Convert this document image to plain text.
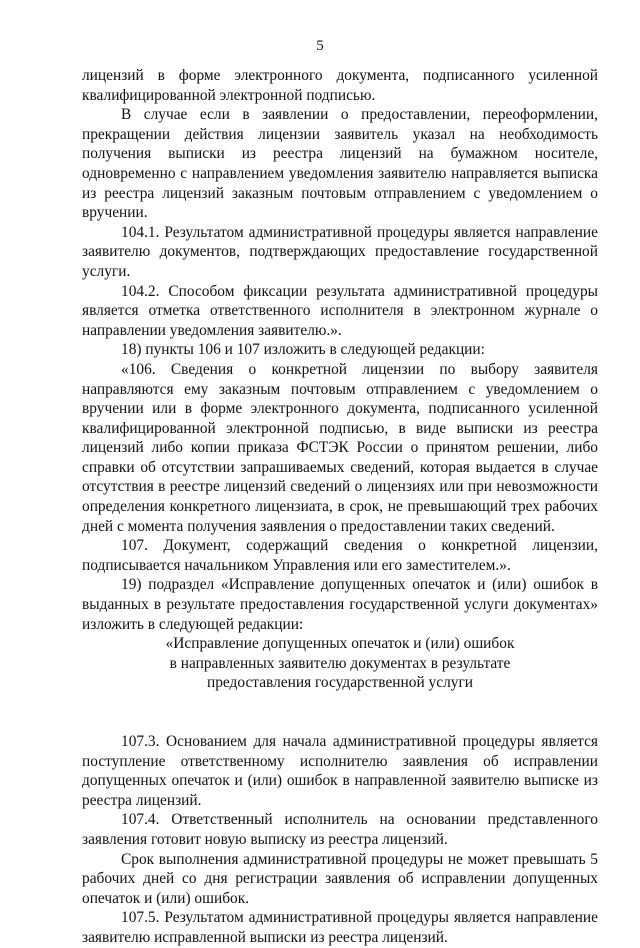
5

лицензий в форме электронного документа, подписанного усиленной квалифицированной электронной подписью.

В случае если в заявлении о предоставлении, переоформлении, прекращении действия лицензии заявитель указал на необходимость получения выписки из реестра лицензий на бумажном носителе, одновременно с направлением уведомления заявителю направляется выписка из реестра лицензий заказным почтовым отправлением с уведомлением о вручении.

104.1. Результатом административной процедуры является направление заявителю документов, подтверждающих предоставление государственной услуги.

104.2. Способом фиксации результата административной процедуры является отметка ответственного исполнителя в электронном журнале о направлении уведомления заявителю.».

18) пункты 106 и 107 изложить в следующей редакции:

«106. Сведения о конкретной лицензии по выбору заявителя направляются ему заказным почтовым отправлением с уведомлением о вручении или в форме электронного документа, подписанного усиленной квалифицированной электронной подписью, в виде выписки из реестра лицензий либо копии приказа ФСТЭК России о принятом решении, либо справки об отсутствии запрашиваемых сведений, которая выдается в случае отсутствия в реестре лицензий сведений о лицензиях или при невозможности определения конкретного лицензиата, в срок, не превышающий трех рабочих дней с момента получения заявления о предоставлении таких сведений.

107. Документ, содержащий сведения о конкретной лицензии, подписывается начальником Управления или его заместителем.».

19) подраздел «Исправление допущенных опечаток и (или) ошибок в выданных в результате предоставления государственной услуги документах» изложить в следующей редакции:

«Исправление допущенных опечаток и (или) ошибок

в направленных заявителю документах в результате

предоставления государственной услуги

107.3. Основанием для начала административной процедуры является поступление ответственному исполнителю заявления об исправлении допущенных опечаток и (или) ошибок в направленной заявителю выписке из реестра лицензий.

107.4. Ответственный исполнитель на основании представленного заявления готовит новую выписку из реестра лицензий.

Срок выполнения административной процедуры не может превышать 5 рабочих дней со дня регистрации заявления об исправлении допущенных опечаток и (или) ошибок.

107.5. Результатом административной процедуры является направление заявителю исправленной выписки из реестра лицензий.
